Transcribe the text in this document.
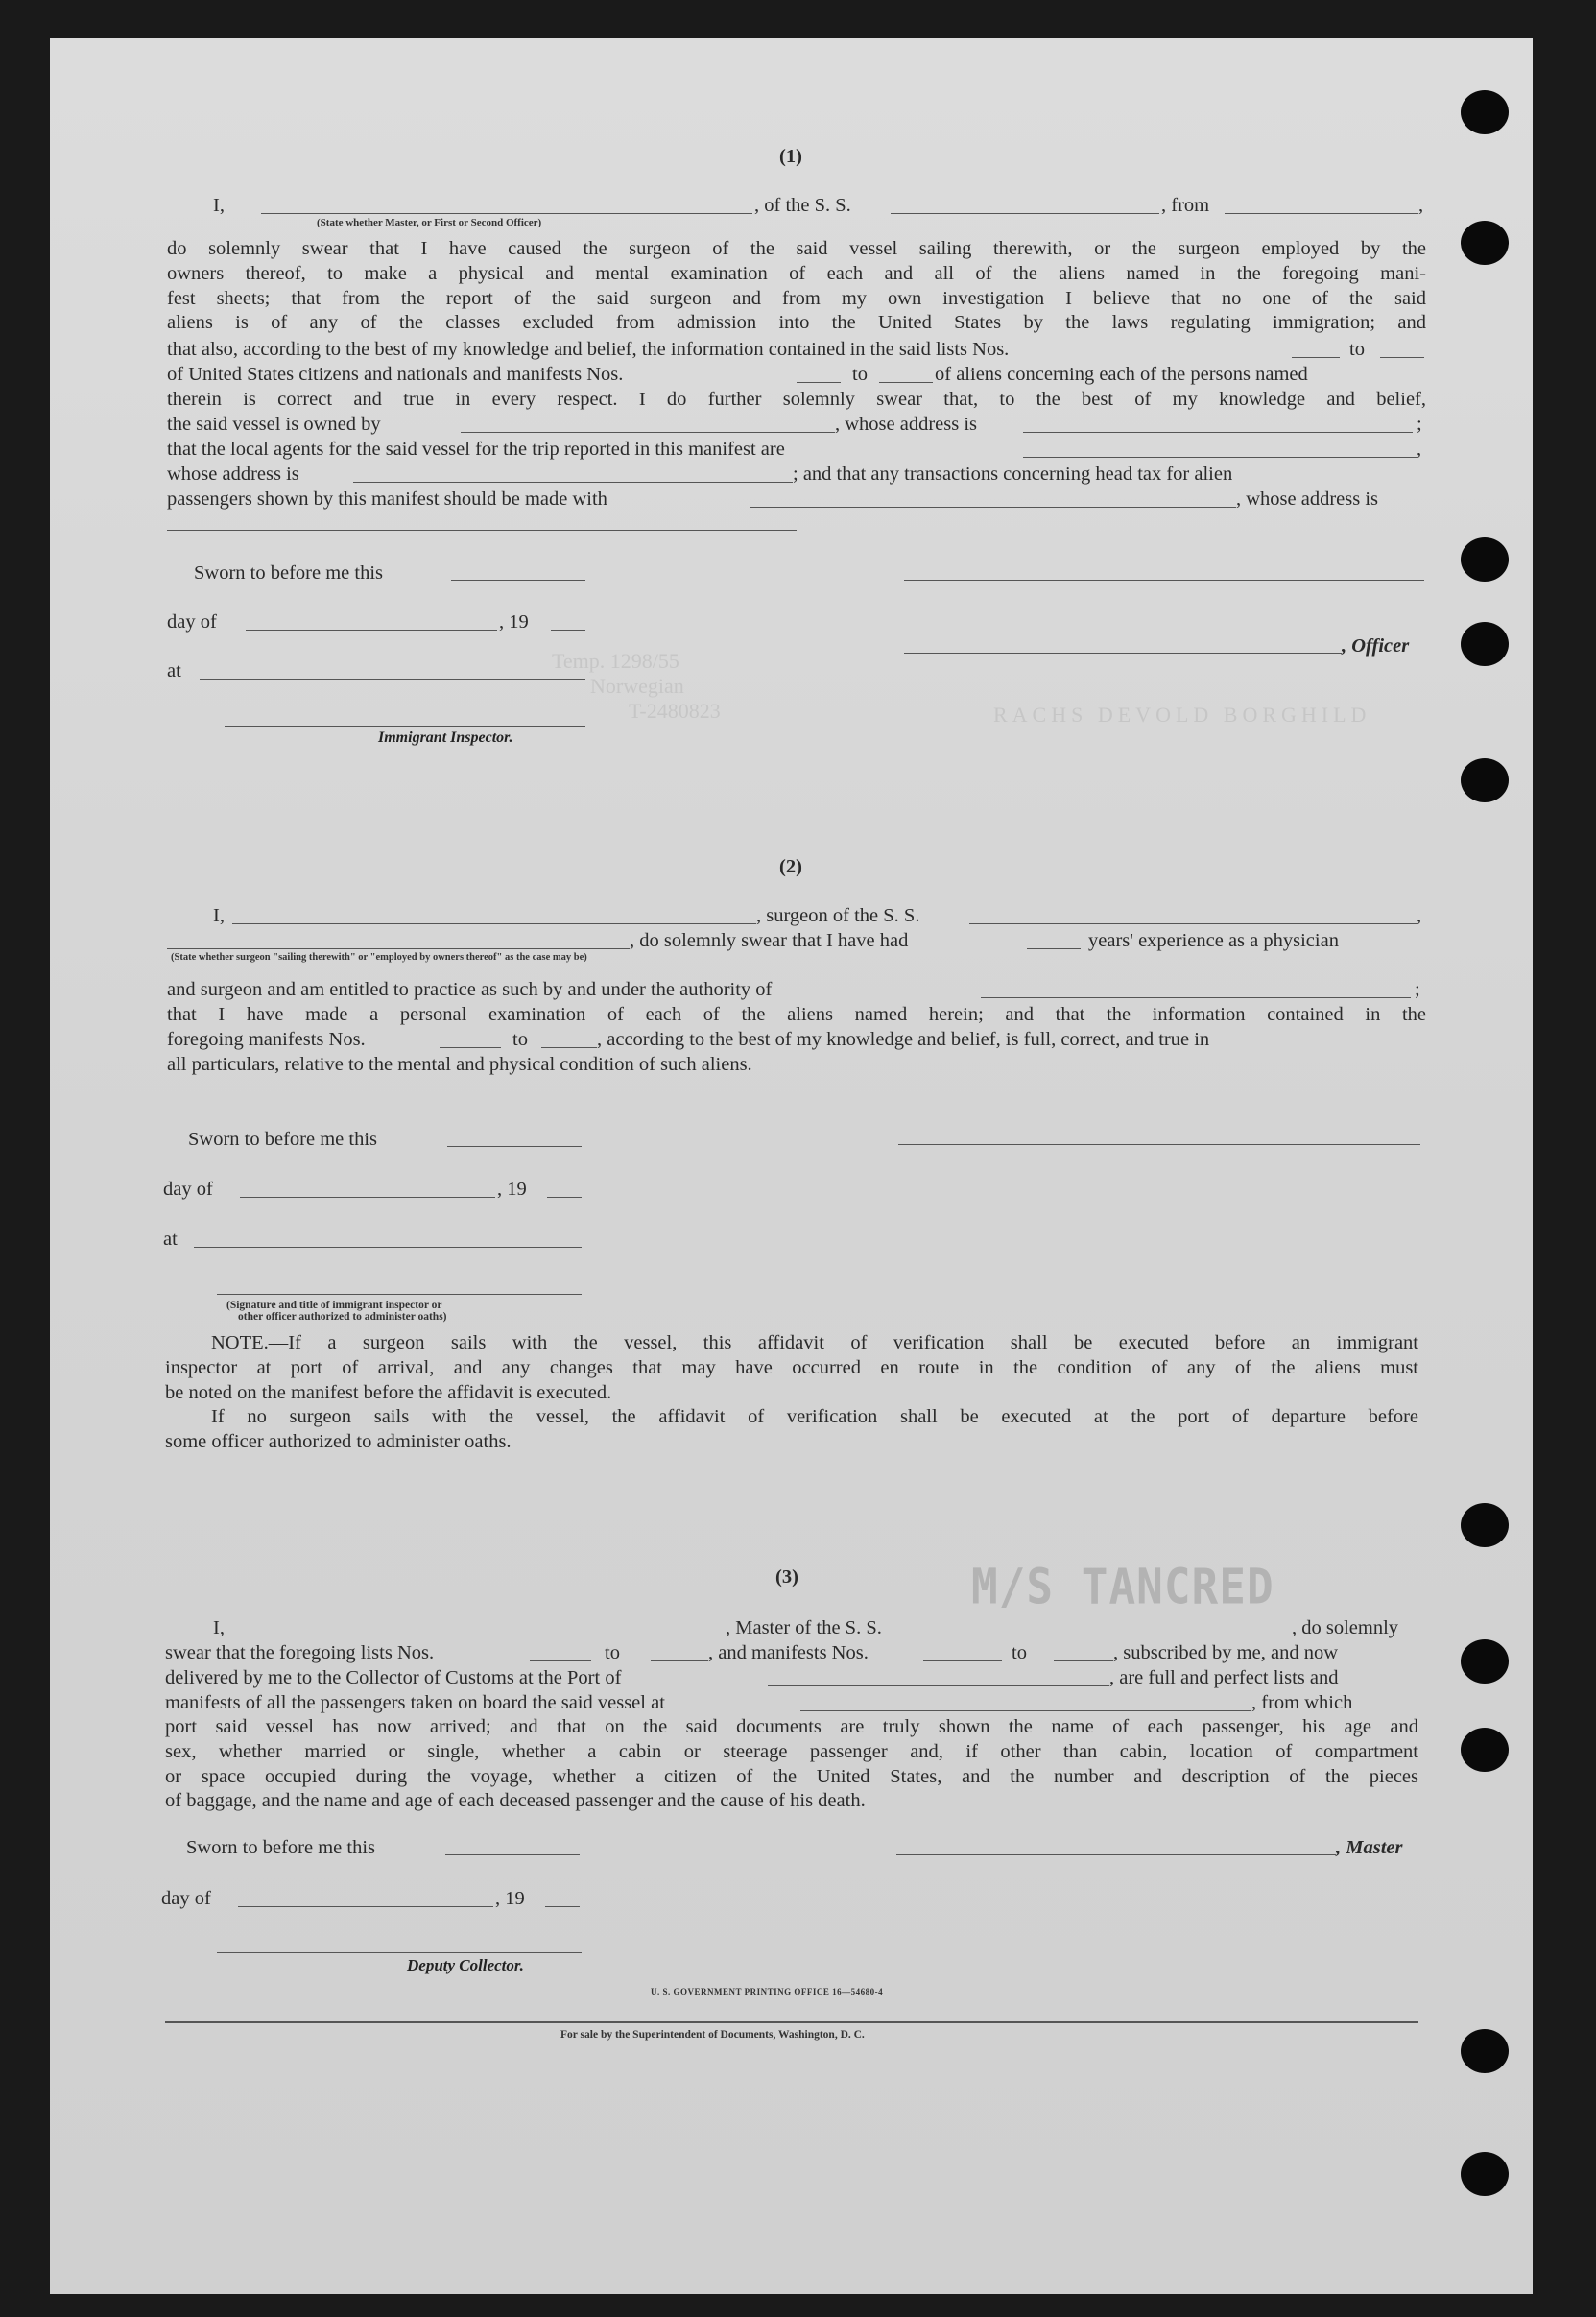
Temp. 1298/55
Norwegian
T-2480823	RACHS DEVOLD BORGHILD
(1)
I,	, of the S. S.	, from	,
(State whether Master, or First or Second Officer)
do solemnly swear that I have caused the surgeon of the said vessel sailing therewith, or the surgeon employed by the
owners thereof, to make a physical and mental examination of each and all of the aliens named in the foregoing mani-
fest sheets; that from the report of the said surgeon and from my own investigation I believe that no one of the said
aliens is of any of the classes excluded from admission into the United States by the laws regulating immigration; and
that also, according to the best of my knowledge and belief, the information contained in the said lists Nos.	to
of United States citizens and nationals and manifests Nos.	to	of aliens concerning each of the persons named
therein is correct and true in every respect. I do further solemnly swear that, to the best of my knowledge and belief,
the said vessel is owned by	, whose address is	;
that the local agents for the said vessel for the trip reported in this manifest are	,
whose address is	; and that any transactions concerning head tax for alien
passengers shown by this manifest should be made with	, whose address is
Sworn to before me this
day of	, 19
, Officer
at
Immigrant Inspector.
(2)
I,	, surgeon of the S. S.	,
, do solemnly swear that I have had	years' experience as a physician
(State whether surgeon "sailing therewith" or "employed by owners thereof" as the case may be)
and surgeon and am entitled to practice as such by and under the authority of	;
that I have made a personal examination of each of the aliens named herein; and that the information contained in the
foregoing manifests Nos.	to	, according to the best of my knowledge and belief, is full, correct, and true in
all particulars, relative to the mental and physical condition of such aliens.
Sworn to before me this
day of	, 19
at
(Signature and title of immigrant inspector or
other officer authorized to administer oaths)
NOTE.—If a surgeon sails with the vessel, this affidavit of verification shall be executed before an immigrant
inspector at port of arrival, and any changes that may have occurred en route in the condition of any of the aliens must
be noted on the manifest before the affidavit is executed.
If no surgeon sails with the vessel, the affidavit of verification shall be executed at the port of departure before
some officer authorized to administer oaths.
(3)	M/S TANCRED
I,	, Master of the S. S.	, do solemnly
swear that the foregoing lists Nos.	to	, and manifests Nos.	to	, subscribed by me, and now
delivered by me to the Collector of Customs at the Port of	, are full and perfect lists and
manifests of all the passengers taken on board the said vessel at	, from which
port said vessel has now arrived; and that on the said documents are truly shown the name of each passenger, his age and
sex, whether married or single, whether a cabin or steerage passenger and, if other than cabin, location of compartment
or space occupied during the voyage, whether a citizen of the United States, and the number and description of the pieces
of baggage, and the name and age of each deceased passenger and the cause of his death.
Sworn to before me this	, Master
day of	, 19
Deputy Collector.
U. S. GOVERNMENT PRINTING OFFICE 16—54680-4
For sale by the Superintendent of Documents, Washington, D. C.
